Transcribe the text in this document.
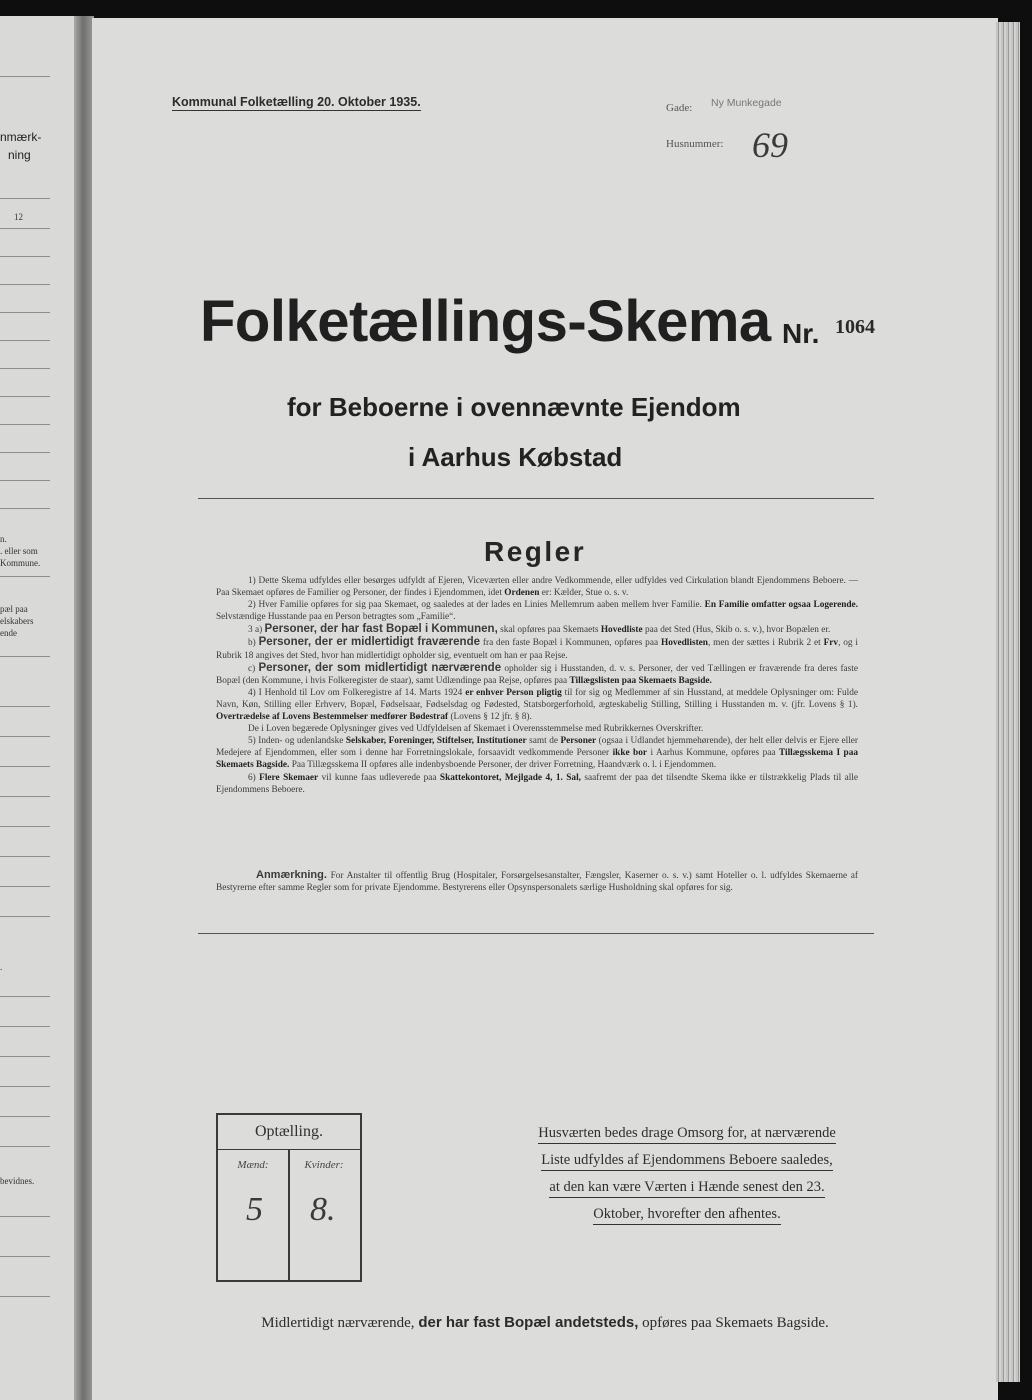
nmærk-
ning
12
n.
. eller som
Kommune.
pæl paa
elskabers
ende
.
bevidnes.
Kommunal Folketælling 20. Oktober 1935.	Gade: Ny Munkegade
Husnummer: 69
Folketællings-Skema Nr. 1064
for Beboerne i ovennævnte Ejendom
i Aarhus Købstad
Regler

1) Dette Skema udfyldes eller besørges udfyldt af Ejeren, Viceværten eller andre Vedkommende, eller udfyldes ved Cirkulation blandt Ejendommens Beboere. — Paa Skemaet opføres de Familier og Personer, der findes i Ejendommen, idet Ordenen er: Kælder, Stue o. s. v.

2) Hver Familie opføres for sig paa Skemaet, og saaledes at der lades en Linies Mellemrum aaben mellem hver Familie. En Familie omfatter ogsaa Logerende. Selvstændige Husstande paa en Person betragtes som „Familie“.

3 a) Personer, der har fast Bopæl i Kommunen, skal opføres paa Skemaets Hovedliste paa det Sted (Hus, Skib o. s. v.), hvor Bopælen er.

b) Personer, der er midlertidigt fraværende fra den faste Bopæl i Kommunen, opføres paa Hovedlisten, men der sættes i Rubrik 2 et Frv, og i Rubrik 18 angives det Sted, hvor han midlertidigt opholder sig, eventuelt om han er paa Rejse.

c) Personer, der som midlertidigt nærværende opholder sig i Husstanden, d. v. s. Personer, der ved Tællingen er fraværende fra deres faste Bopæl (den Kommune, i hvis Folkeregister de staar), samt Udlændinge paa Rejse, opføres paa Tillægslisten paa Skemaets Bagside.

4) I Henhold til Lov om Folkeregistre af 14. Marts 1924 er enhver Person pligtig til for sig og Medlemmer af sin Husstand, at meddele Oplysninger om: Fulde Navn, Køn, Stilling eller Erhverv, Bopæl, Fødselsaar, Fødselsdag og Fødested, Statsborgerforhold, ægteskabelig Stilling, Stilling i Husstanden m. v. (jfr. Lovens § 1). Overtrædelse af Lovens Bestemmelser medfører Bødestraf (Lovens § 12 jfr. § 8).

De i Loven begærede Oplysninger gives ved Udfyldelsen af Skemaet i Overensstemmelse med Rubrikkernes Overskrifter.

5) Inden- og udenlandske Selskaber, Foreninger, Stiftelser, Institutioner samt de Personer (ogsaa i Udlandet hjemmehørende), der helt eller delvis er Ejere eller Medejere af Ejendommen, eller som i denne har Forretningslokale, forsaavidt vedkommende Personer ikke bor i Aarhus Kommune, opføres paa Tillægsskema I paa Skemaets Bagside. Paa Tillægsskema II opføres alle indenbysboende Personer, der driver Forretning, Haandværk o. l. i Ejendommen.

6) Flere Skemaer vil kunne faas udleverede paa Skattekontoret, Mejlgade 4, 1. Sal, saafremt der paa det tilsendte Skema ikke er tilstrækkelig Plads til alle Ejendommens Beboere.

Anmærkning. For Anstalter til offentlig Brug (Hospitaler, Forsørgelsesanstalter, Fængsler, Kaserner o. s. v.) samt Hoteller o. l. udfyldes Skemaerne af Bestyrerne efter samme Regler som for private Ejendomme. Bestyrerens eller Opsynspersonalets særlige Husholdning skal opføres for sig.

Optælling.
Mænd:	Kvinder:
5 8.
Husværten bedes drage Omsorg for, at nærværende
Liste udfyldes af Ejendommens Beboere saaledes,
at den kan være Værten i Hænde senest den 23.
Oktober, hvorefter den afhentes.
Midlertidigt nærværende, der har fast Bopæl andetsteds, opføres paa Skemaets Bagside.
